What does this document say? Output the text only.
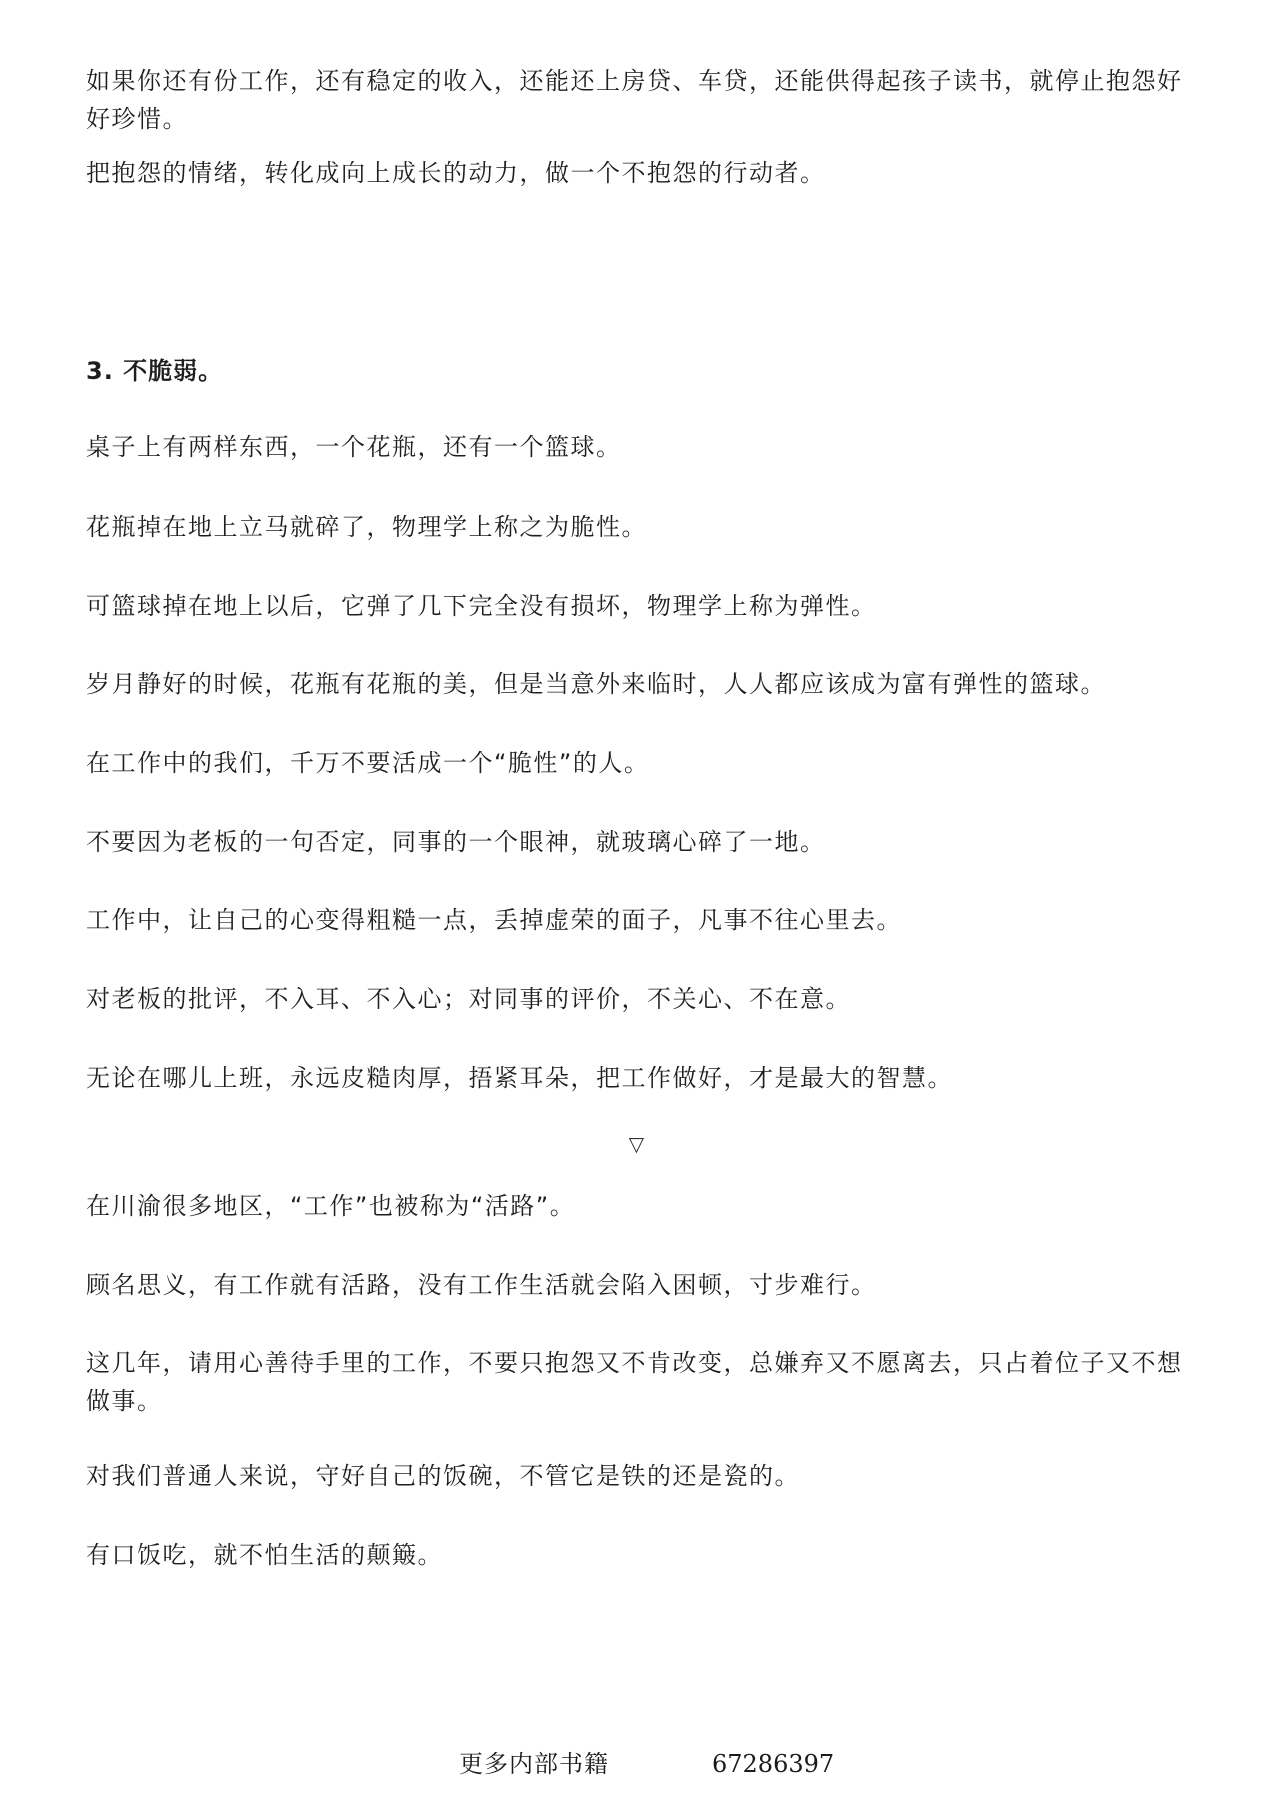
如果你还有份工作，还有稳定的收入，还能还上房贷、车贷，还能供得起孩子读书，就停止抱怨好好珍惜。

把抱怨的情绪，转化成向上成长的动力，做一个不抱怨的行动者。

3. 不脆弱。

桌子上有两样东西，一个花瓶，还有一个篮球。

花瓶掉在地上立马就碎了，物理学上称之为脆性。

可篮球掉在地上以后，它弹了几下完全没有损坏，物理学上称为弹性。

岁月静好的时候，花瓶有花瓶的美，但是当意外来临时，人人都应该成为富有弹性的篮球。

在工作中的我们，千万不要活成一个“脆性”的人。

不要因为老板的一句否定，同事的一个眼神，就玻璃心碎了一地。

工作中，让自己的心变得粗糙一点，丢掉虚荣的面子，凡事不往心里去。

对老板的批评，不入耳、不入心；对同事的评价，不关心、不在意。

无论在哪儿上班，永远皮糙肉厚，捂紧耳朵，把工作做好，才是最大的智慧。

▽

在川渝很多地区，“工作”也被称为“活路”。

顾名思义，有工作就有活路，没有工作生活就会陷入困顿，寸步难行。

这几年，请用心善待手里的工作，不要只抱怨又不肯改变，总嫌弃又不愿离去，只占着位子又不想做事。

对我们普通人来说，守好自己的饭碗，不管它是铁的还是瓷的。

有口饭吃，就不怕生活的颠簸。

更多内部书籍	67286397
